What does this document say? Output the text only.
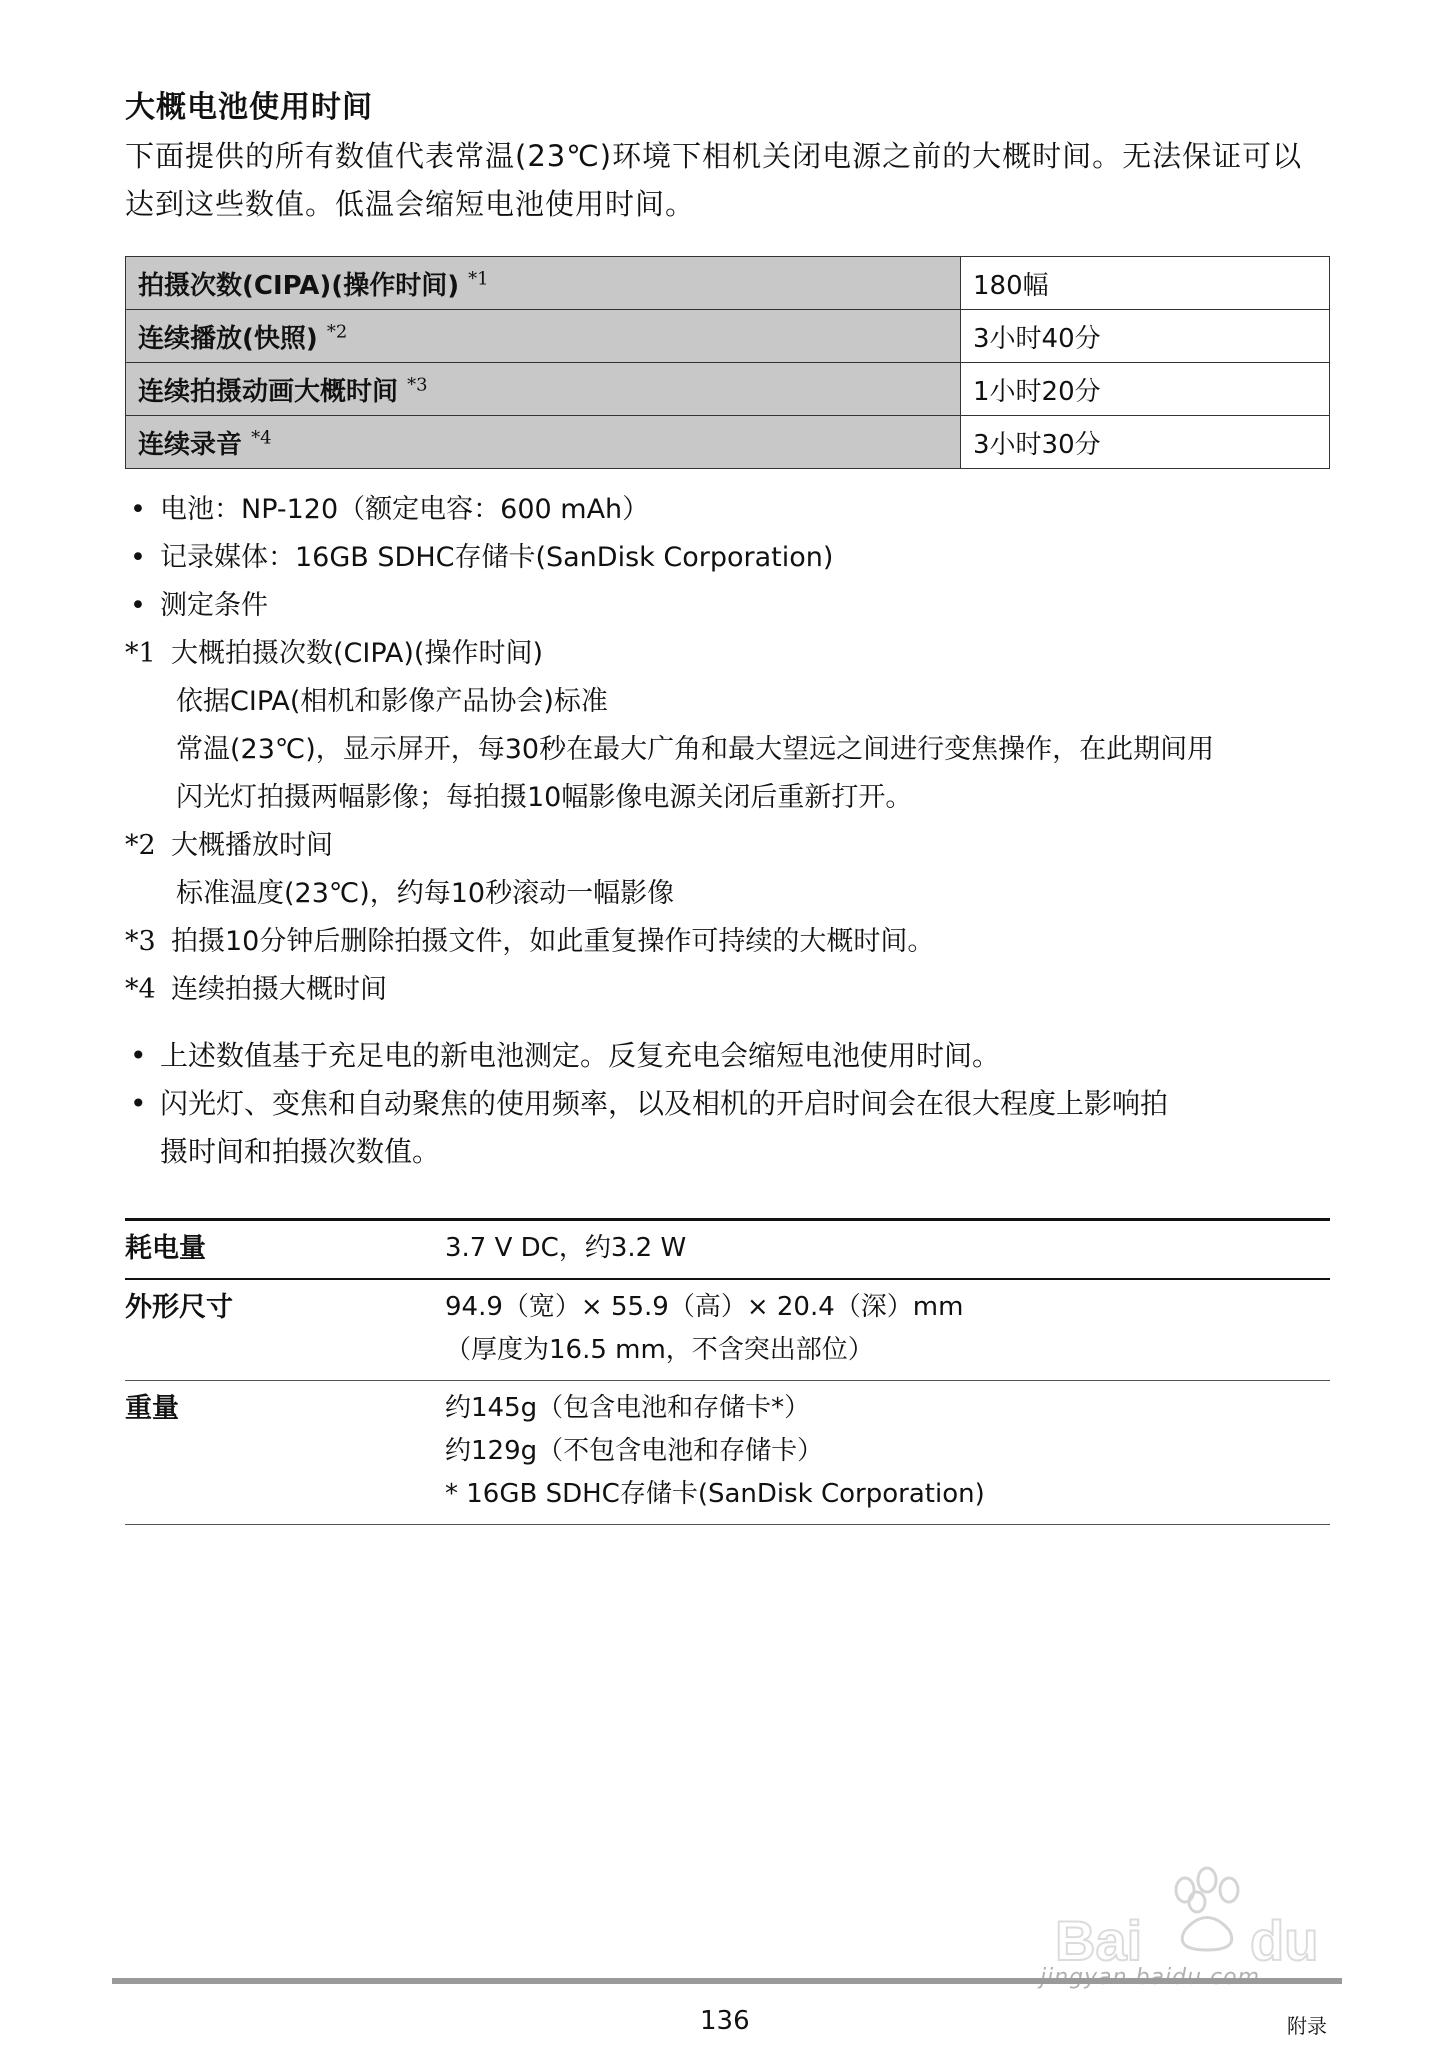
大概电池使用时间
下面提供的所有数值代表常温(23℃)环境下相机关闭电源之前的大概时间。无法保证可以达到这些数值。低温会缩短电池使用时间。
拍摄次数(CIPA)(操作时间) $^{*1}$	180幅
连续播放(快照) $^{*2}$	3小时40分
连续拍摄动画大概时间 $^{*3}$	1小时20分
连续录音 $^{*4}$	3小时30分
• 电池：NP-120（额定电容：600 mAh）
• 记录媒体：16GB SDHC存储卡(SanDisk Corporation)
• 测定条件
*1 大概拍摄次数(CIPA)(操作时间)
依据CIPA(相机和影像产品协会)标准
常温(23℃)，显示屏开，每30秒在最大广角和最大望远之间进行变焦操作，在此期间用
闪光灯拍摄两幅影像；每拍摄10幅影像电源关闭后重新打开。
*2 大概播放时间
标准温度(23℃)，约每10秒滚动一幅影像
*3 拍摄10分钟后删除拍摄文件，如此重复操作可持续的大概时间。
*4 连续拍摄大概时间
• 上述数值基于充足电的新电池测定。反复充电会缩短电池使用时间。
• 闪光灯、变焦和自动聚焦的使用频率，以及相机的开启时间会在很大程度上影响拍
摄时间和拍摄次数值。
耗电量	3.7 V DC，约3.2 W
外形尺寸	94.9（宽）× 55.9（高）× 20.4（深）mm
（厚度为16.5 mm，不含突出部位）

重量	约145g（包含电池和存储卡*）
约129g（不包含电池和存储卡）
* 16GB SDHC存储卡(SanDisk Corporation)
Bai du
136	附录
